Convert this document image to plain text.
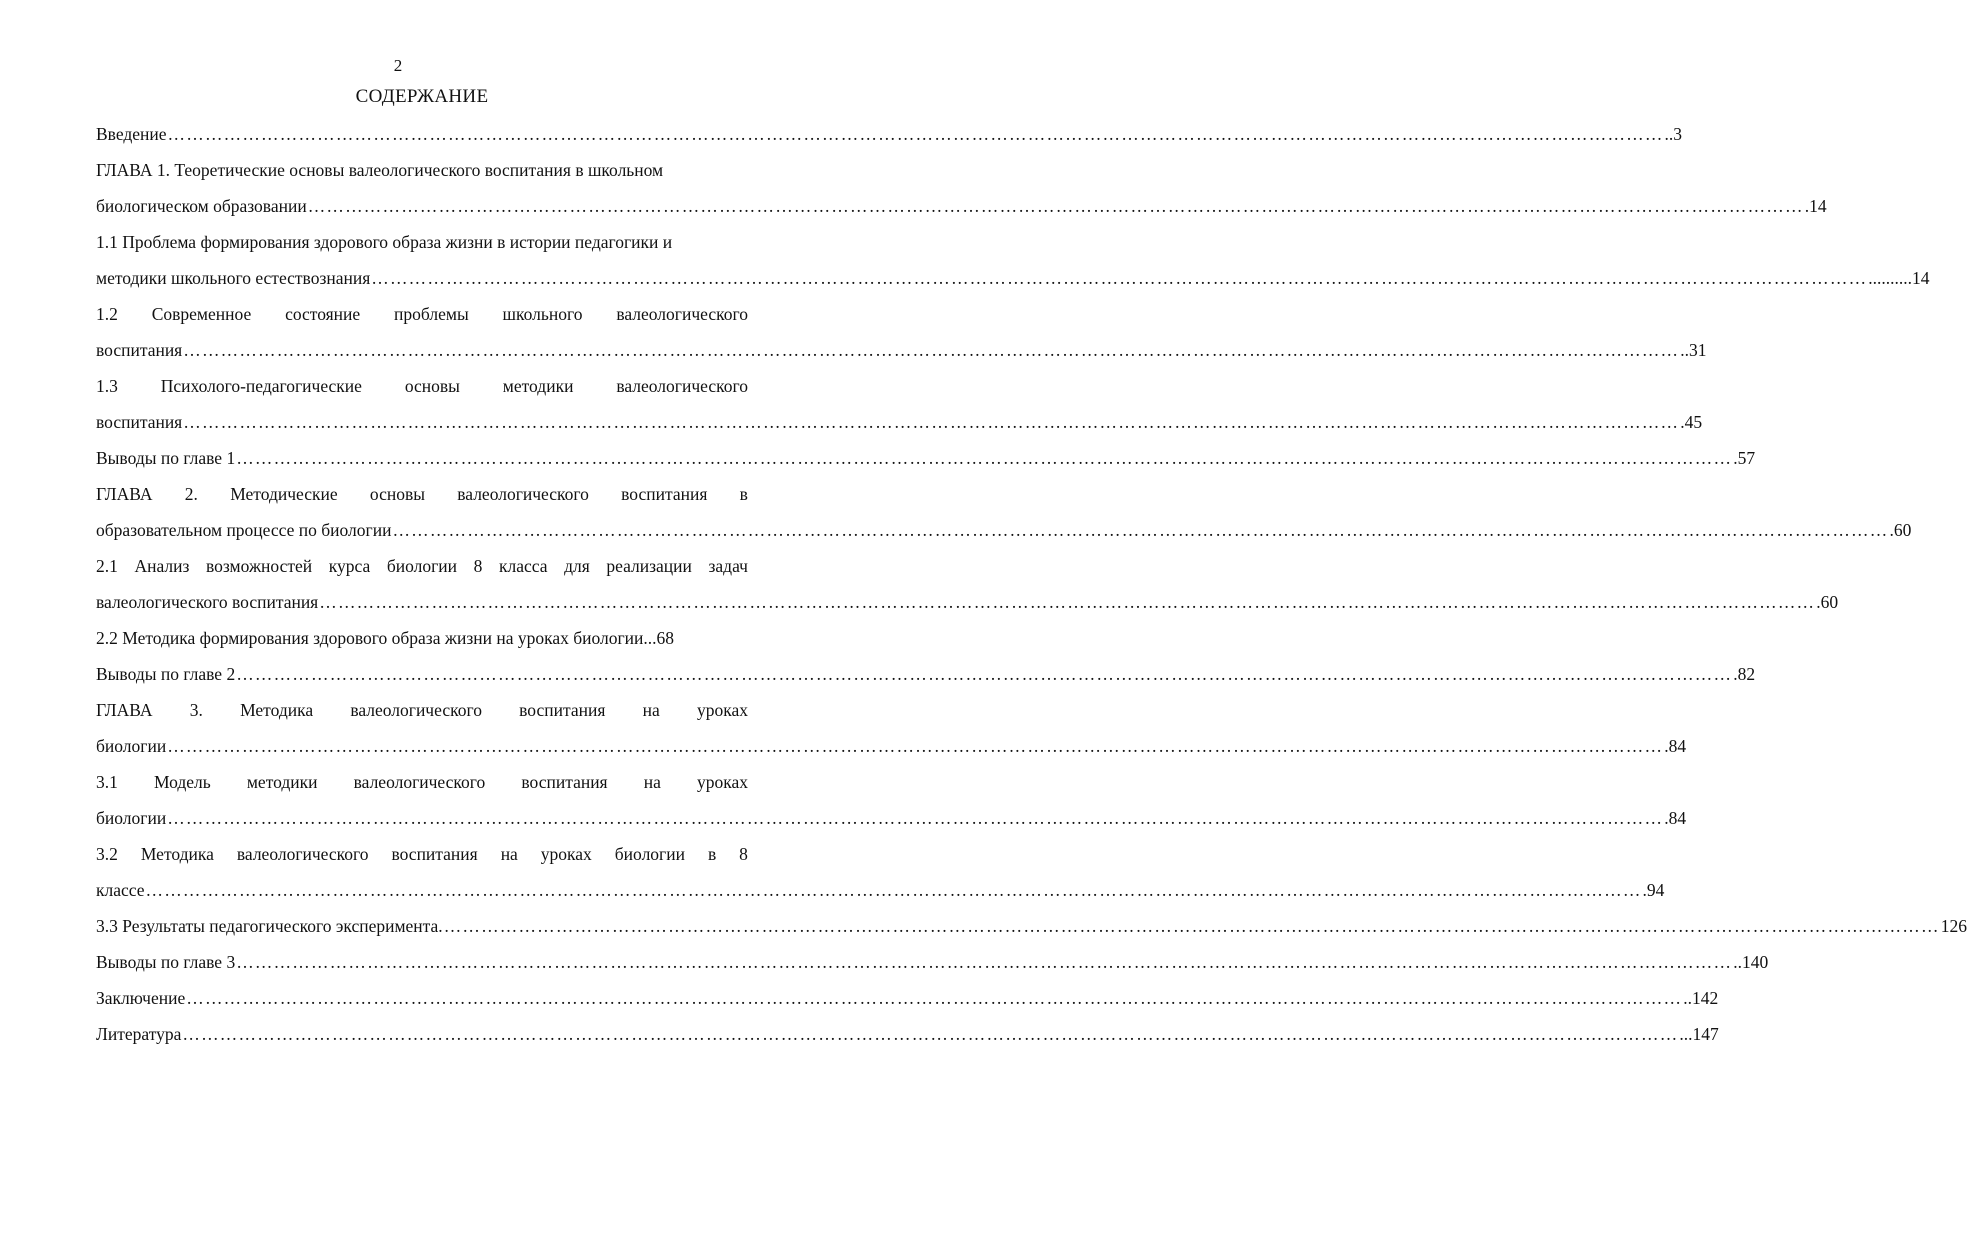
2
СОДЕРЖАНИЕ
Введение …………………………………………………………………………………………………………………………………………………………………………………………………………………… ..3
ГЛАВА 1. Теоретические основы валеологического воспитания в школьном
биологическом образовании …………………………………………………………………………………………………………………………………………………………………………………………………………………… .14
1.1 Проблема формирования здорового образа жизни в истории педагогики и
методики школьного естествознания …………………………………………………………………………………………………………………………………………………………………………………………………………………… ..........14
1.2 Современное состояние проблемы школьного валеологического
воспитания …………………………………………………………………………………………………………………………………………………………………………………………………………………… ..31
1.3 Психолого-педагогические основы методики валеологического
воспитания …………………………………………………………………………………………………………………………………………………………………………………………………………………… .45
Выводы по главе 1 …………………………………………………………………………………………………………………………………………………………………………………………………………………… .57
ГЛАВА 2. Методические основы валеологического воспитания в
образовательном процессе по биологии …………………………………………………………………………………………………………………………………………………………………………………………………………………… .60
2.1 Анализ возможностей курса биологии 8 класса для реализации задач
валеологического воспитания …………………………………………………………………………………………………………………………………………………………………………………………………………………… .60
2.2 Методика формирования здорового образа жизни на уроках биологии...68
Выводы по главе 2 …………………………………………………………………………………………………………………………………………………………………………………………………………………… .82
ГЛАВА 3. Методика валеологического воспитания на уроках
биологии …………………………………………………………………………………………………………………………………………………………………………………………………………………… .84
3.1 Модель методики валеологического воспитания на уроках
биологии …………………………………………………………………………………………………………………………………………………………………………………………………………………… .84
3.2 Методика валеологического воспитания на уроках биологии в 8
классе …………………………………………………………………………………………………………………………………………………………………………………………………………………… .94
3.3 Результаты педагогического эксперимента. …………………………………………………………………………………………………………………………………………………………………………………………………………………… 126
Выводы по главе 3 …………………………………………………………………………………………………………………………………………………………………………………………………………………… ..140
Заключение …………………………………………………………………………………………………………………………………………………………………………………………………………………… ..142
Литература …………………………………………………………………………………………………………………………………………………………………………………………………………………… ...147
